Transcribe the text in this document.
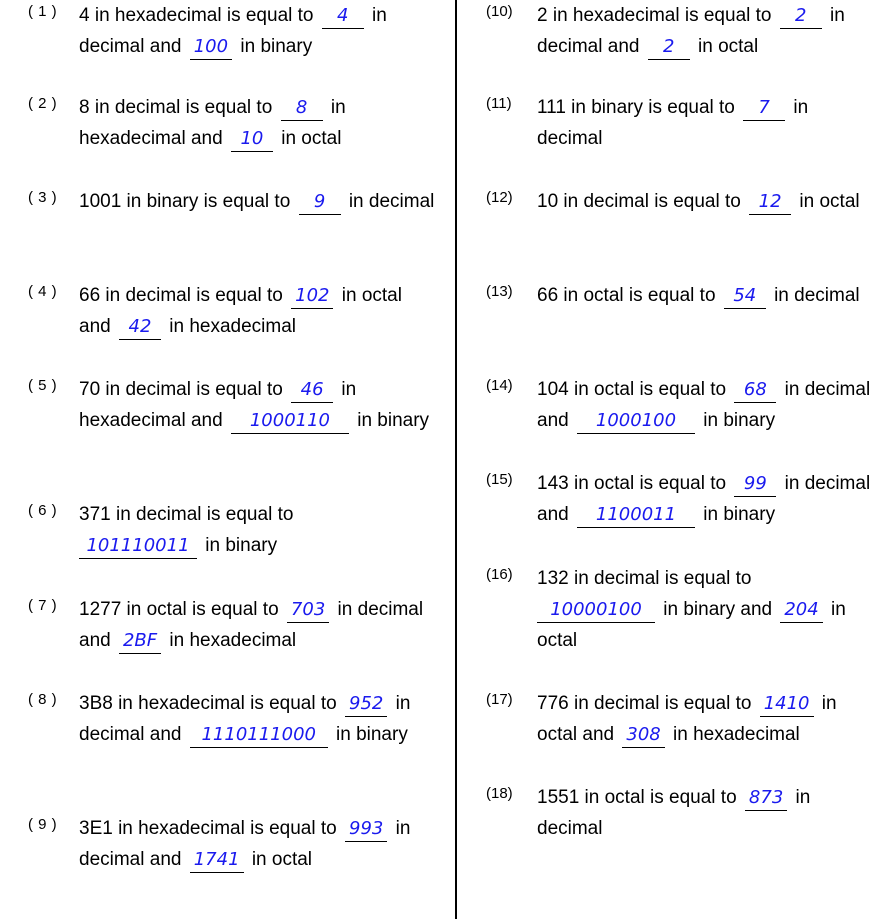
( 1 )	4 in hexadecimal is equal to 4 in decimal and 100 in binary
( 2 )	8 in decimal is equal to 8 in hexadecimal and 10 in octal
( 3 )	1001 in binary is equal to 9 in decimal
( 4 )	66 in decimal is equal to 102 in octal and 42 in hexadecimal
( 5 )	70 in decimal is equal to 46 in hexadecimal and 1000110 in binary
( 6 )	371 in decimal is equal to
101110011 in binary
( 7 )	1277 in octal is equal to 703 in decimal and 2BF in hexadecimal
( 8 )	3B8 in hexadecimal is equal to 952 in decimal and 1110111000 in binary
( 9 )	3E1 in hexadecimal is equal to 993 in decimal and 1741 in octal
(10)	2 in hexadecimal is equal to 2 in decimal and 2 in octal
(11)	111 in binary is equal to 7 in decimal
(12)	10 in decimal is equal to 12 in octal
(13)	66 in octal is equal to 54 in decimal
(14)	104 in octal is equal to 68 in decimal and 1000100 in binary
(15)	143 in octal is equal to 99 in decimal and 1100011 in binary
(16)	132 in decimal is equal to
10000100 in binary and 204 in octal
(17)	776 in decimal is equal to 1410 in octal and 308 in hexadecimal
(18)	1551 in octal is equal to 873 in decimal
